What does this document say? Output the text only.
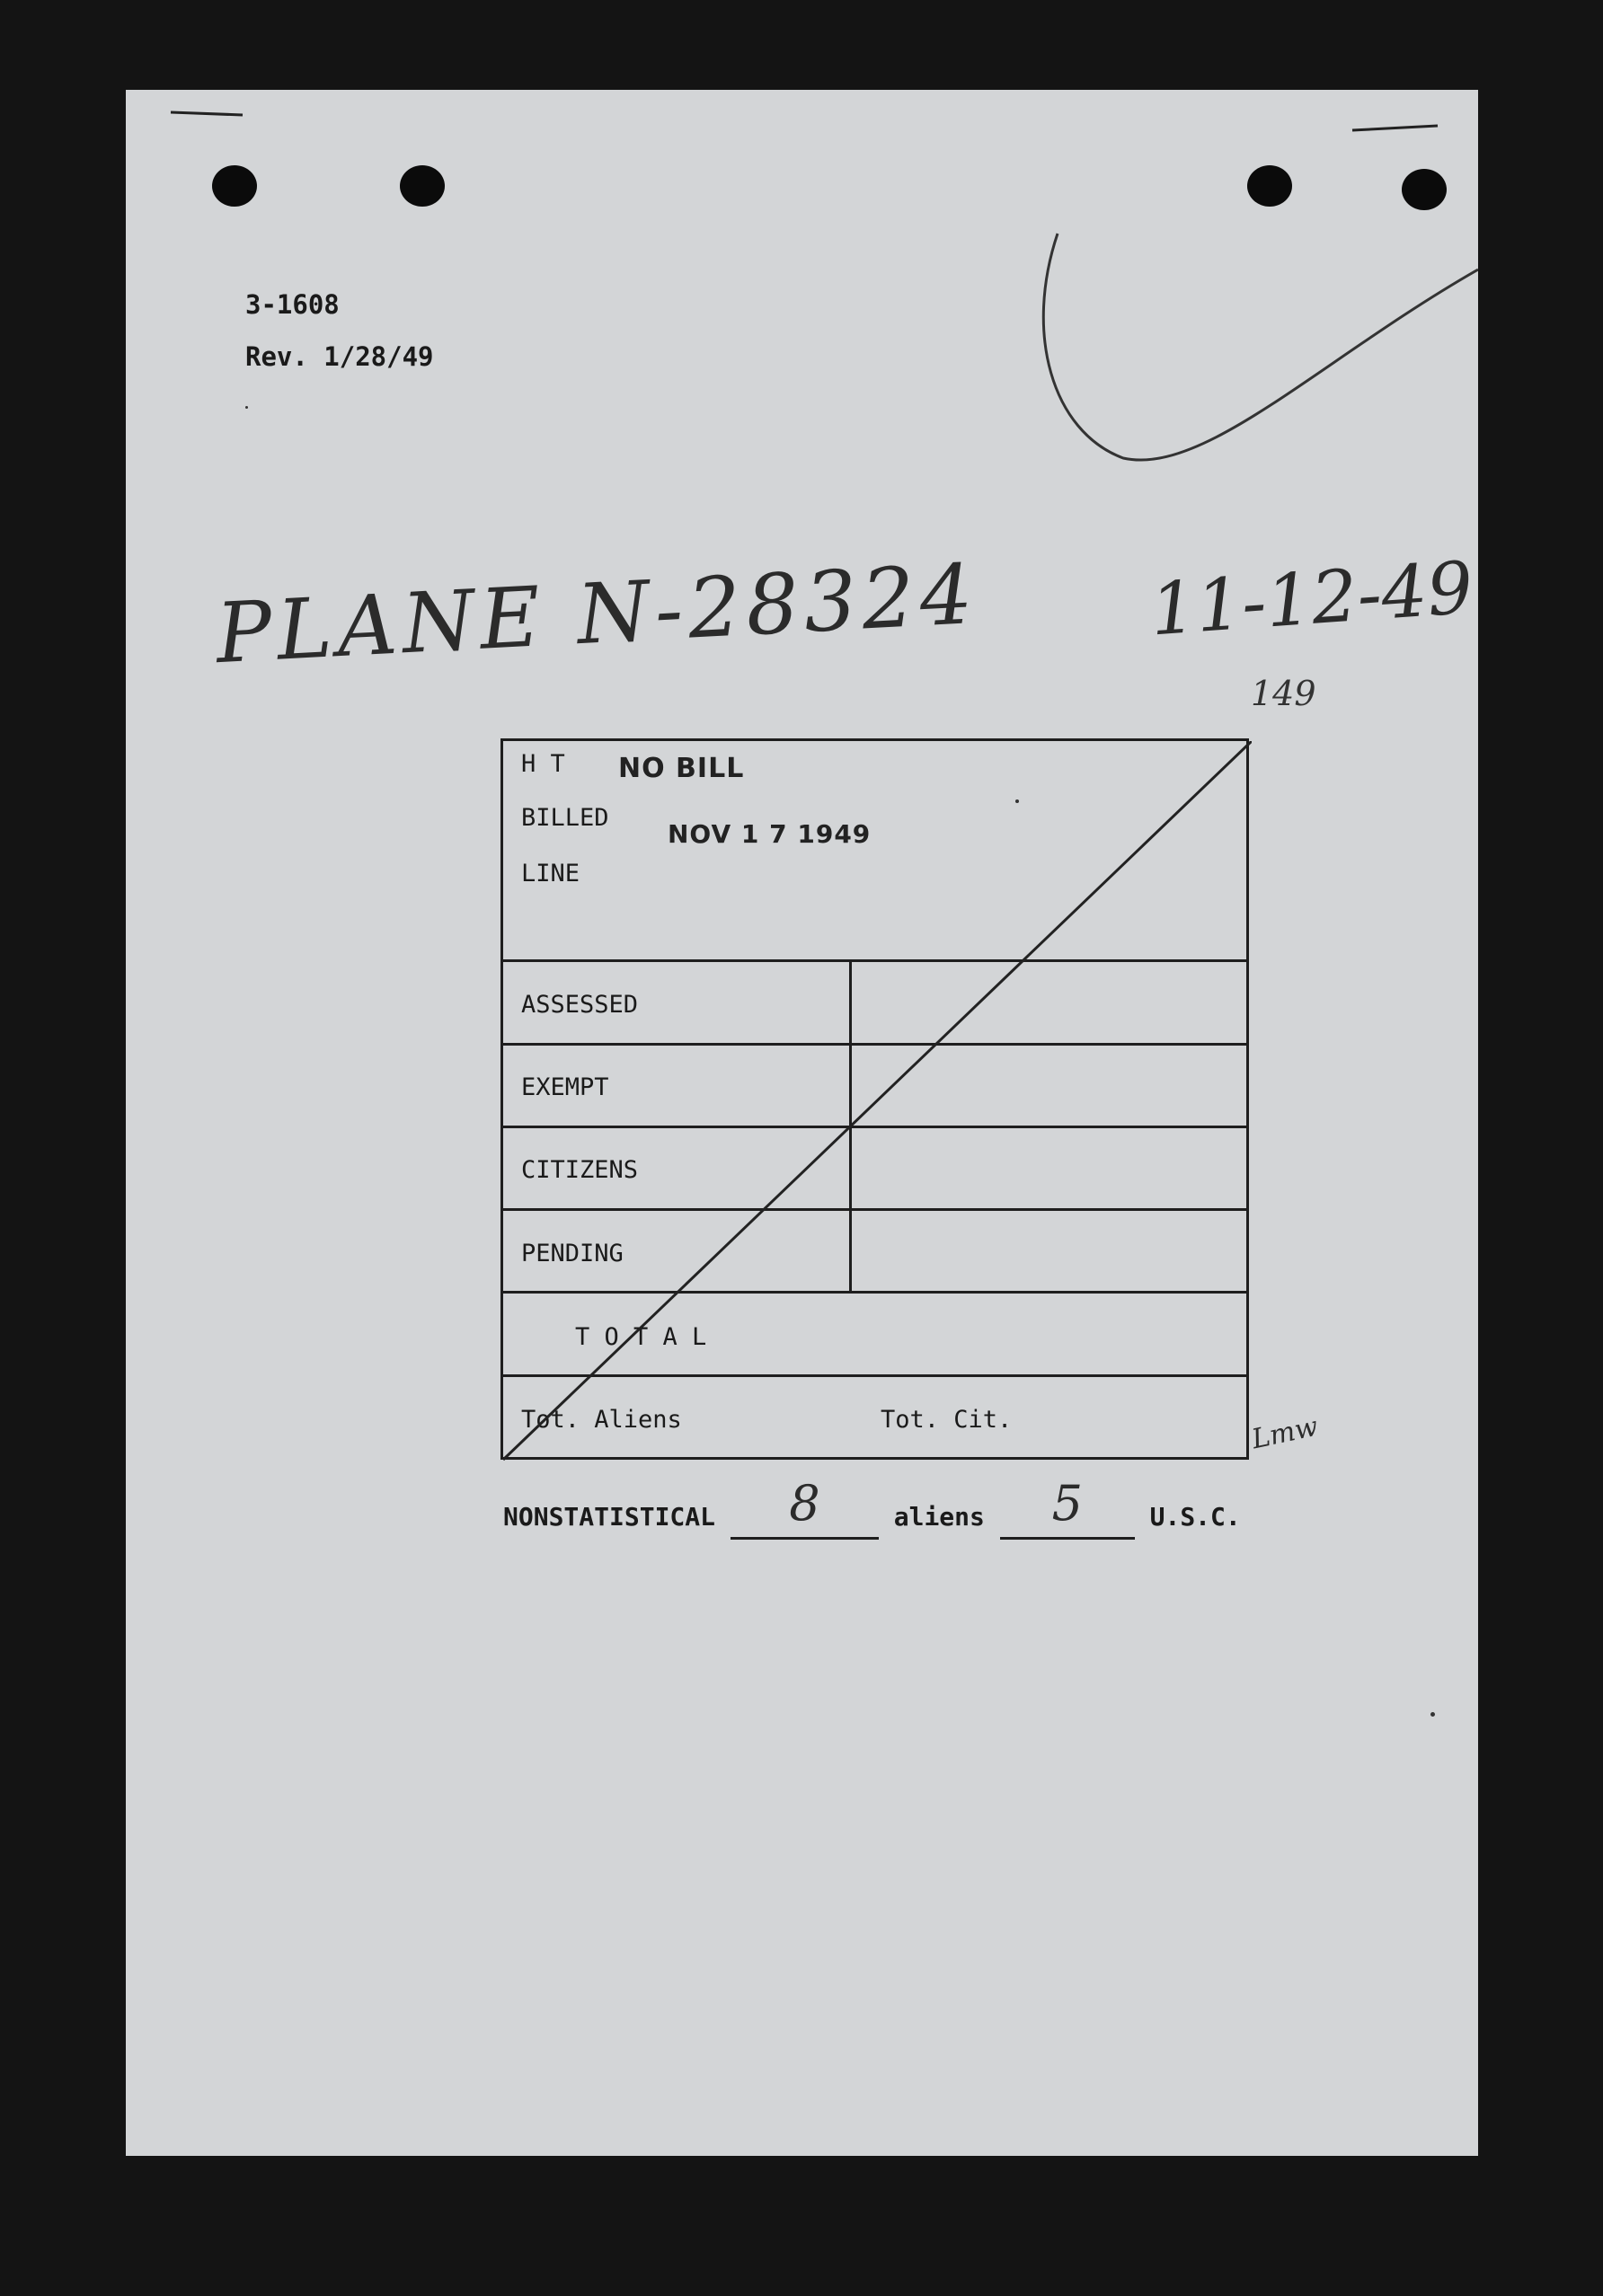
3-1608
Rev. 1/28/49
PLANE N-28324 11-12-49
149
NO BILL
NOV 1 7 1949
H T
BILLED
LINE
ASSESSED
EXEMPT
CITIZENS
PENDING
T O T A L
Tot. Aliens	Tot. Cit.	Lmw
NONSTATISTICAL 8	aliens 5	U.S.C.
